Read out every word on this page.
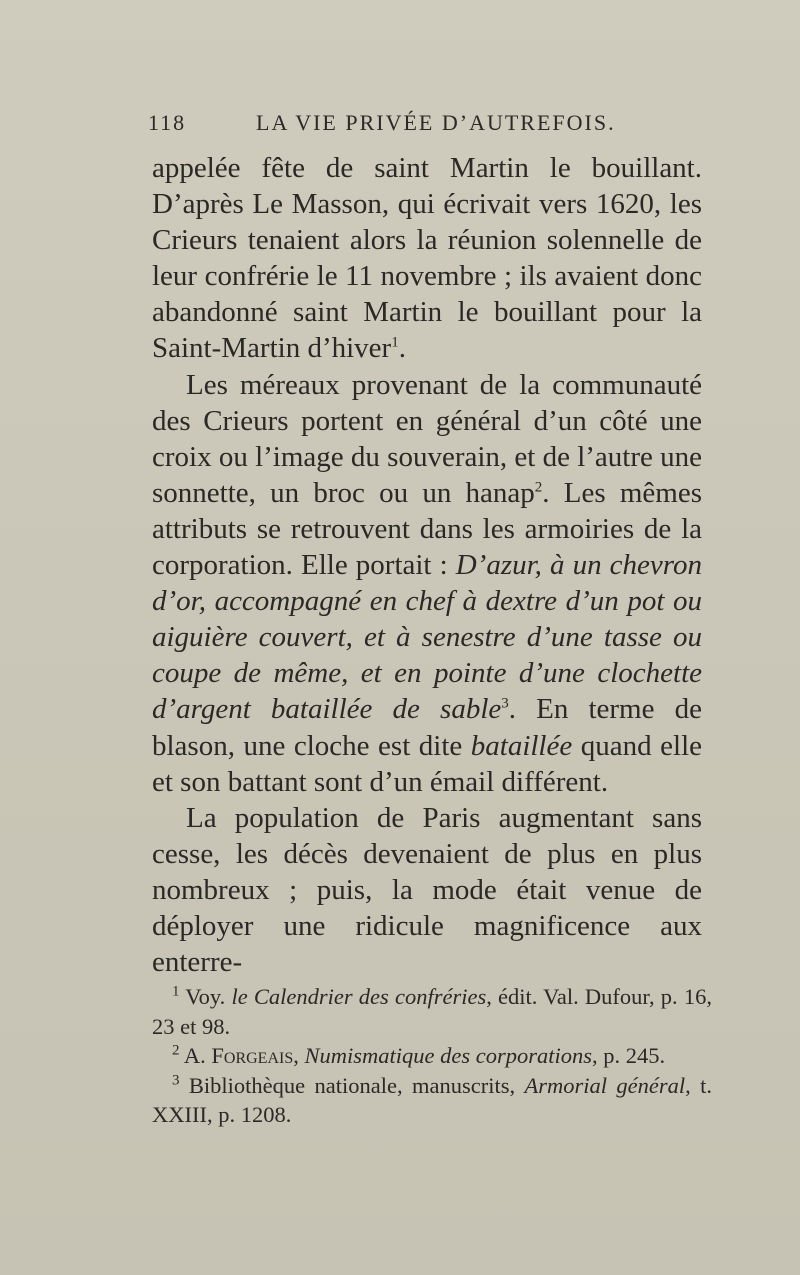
118	LA VIE PRIVÉE D’AUTREFOIS.

appelée fête de saint Martin le bouillant. D’après Le Masson, qui écrivait vers 1620, les Crieurs tenaient alors la réunion solennelle de leur confrérie le 11 novembre ; ils avaient donc abandonné saint Martin le bouillant pour la Saint-Martin d’hiver$^1$.

Les méreaux provenant de la communauté des Crieurs portent en général d’un côté une croix ou l’image du souverain, et de l’autre une sonnette, un broc ou un hanap$^2$. Les mêmes attributs se retrouvent dans les armoiries de la corporation. Elle portait : D’azur, à un chevron d’or, accompagné en chef à dextre d’un pot ou aiguière couvert, et à senestre d’une tasse ou coupe de même, et en pointe d’une clochette d’argent bataillée de sable$^3$. En terme de blason, une cloche est dite bataillée quand elle et son battant sont d’un émail différent.

La population de Paris augmentant sans cesse, les décès devenaient de plus en plus nombreux ; puis, la mode était venue de déployer une ridicule magnificence aux enterre-

$^1$ Voy. le Calendrier des confréries, édit. Val. Dufour, p. 16, 23 et 98.

$^2$ A. Forgeais, Numismatique des corporations, p. 245.

$^3$ Bibliothèque nationale, manuscrits, Armorial général, t. XXIII, p. 1208.
